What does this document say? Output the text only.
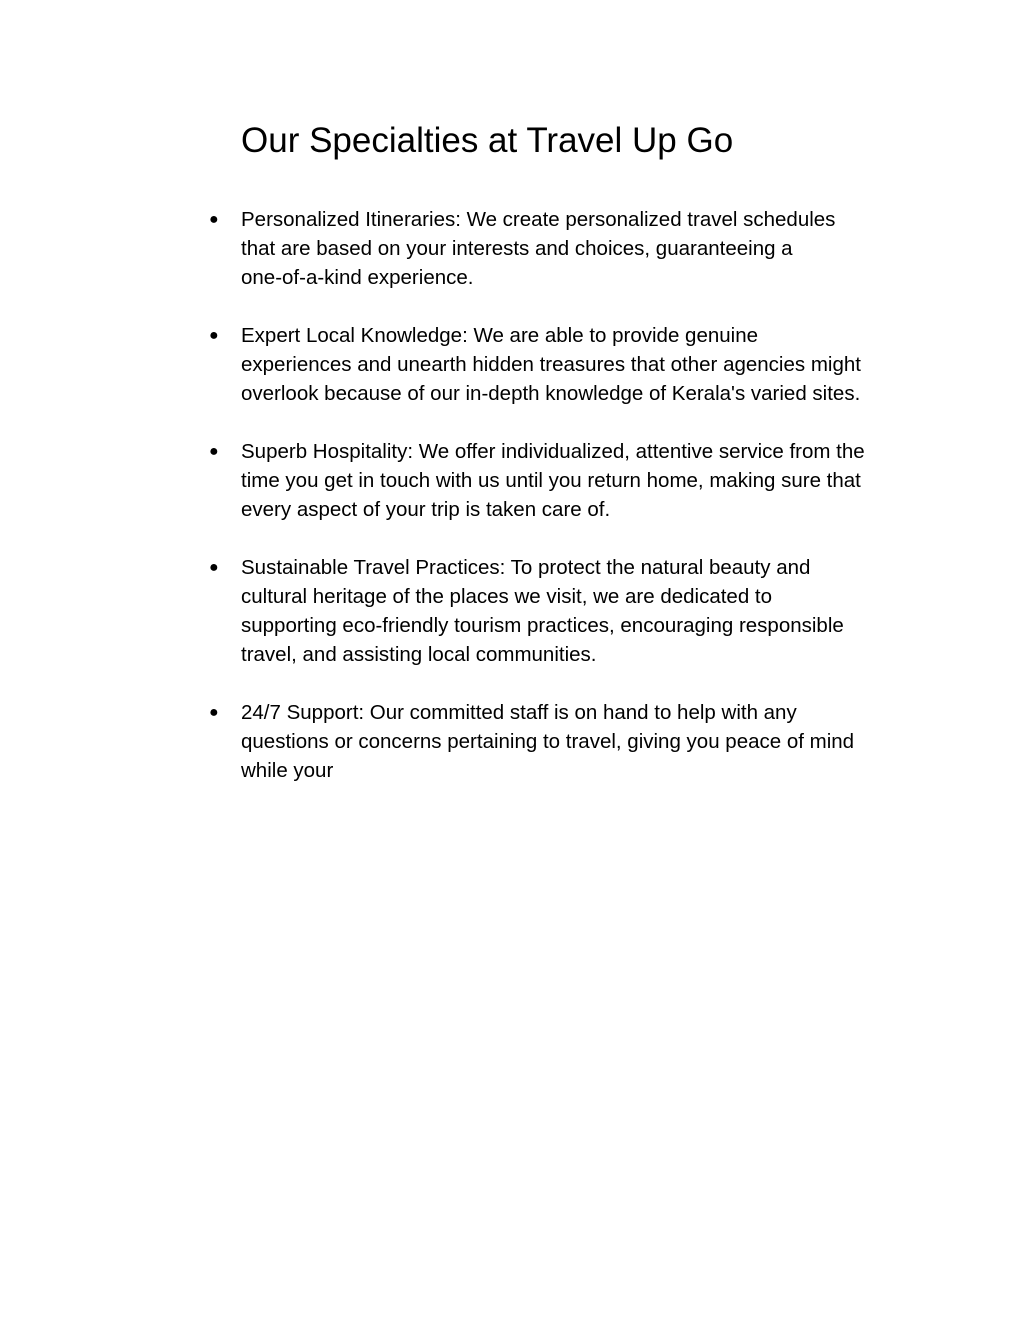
Our Specialties at Travel Up Go
● Personalized Itineraries: We create personalized travel schedules
that are based on your interests and choices, guaranteeing a
one-of-a-kind experience.
● Expert Local Knowledge: We are able to provide genuine
experiences and unearth hidden treasures that other agencies might
overlook because of our in-depth knowledge of Kerala's varied sites.
● Superb Hospitality: We offer individualized, attentive service from the
time you get in touch with us until you return home, making sure that
every aspect of your trip is taken care of.
● Sustainable Travel Practices: To protect the natural beauty and
cultural heritage of the places we visit, we are dedicated to
supporting eco-friendly tourism practices, encouraging responsible
travel, and assisting local communities.
● 24/7 Support: Our committed staff is on hand to help with any
questions or concerns pertaining to travel, giving you peace of mind
while your
